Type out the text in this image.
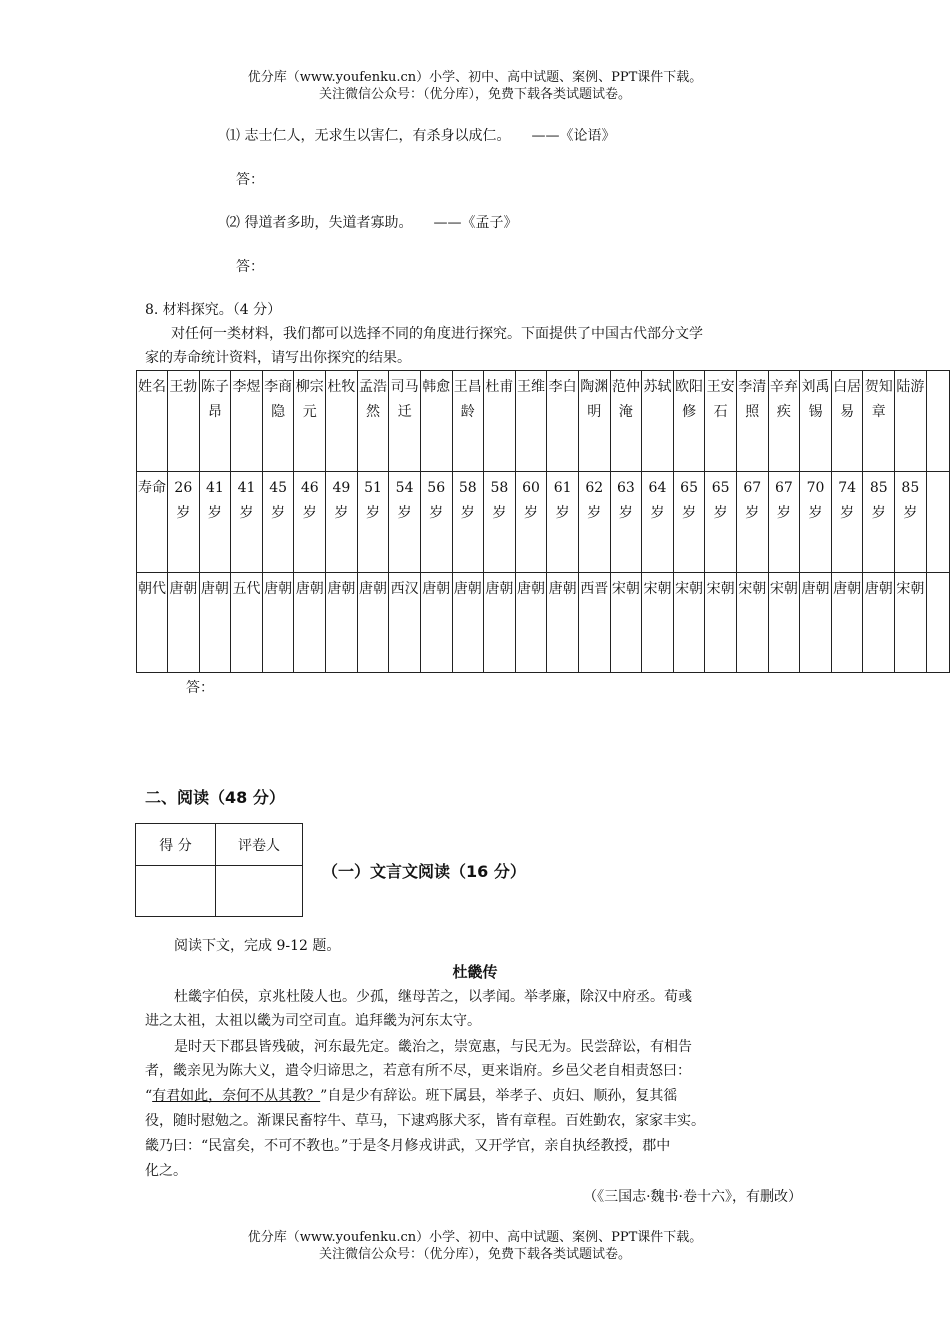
优分库（www.youfenku.cn）小学、初中、高中试题、案例、PPT课件下载。
关注微信公众号：（优分库），免费下载各类试题试卷。
⑴ 志士仁人，无求生以害仁，有杀身以成仁。　　——《论语》
答：
⑵ 得道者多助，失道者寡助。　　——《孟子》
答：
8. 材料探究。（4 分）
对任何一类材料，我们都可以选择不同的角度进行探究。下面提供了中国古代部分文学
家的寿命统计资料，请写出你探究的结果。
姓名	王勃	陈子昂	李煜	李商隐	柳宗元	杜牧	孟浩然	司马迁	韩愈	王昌龄	杜甫	王维	李白	陶渊明	范仲淹	苏轼	欧阳修	王安石	李清照	辛弃疾	刘禹锡	白居易	贺知章	陆游	
寿命	26岁	41岁	41岁	45岁	46岁	49岁	51岁	54岁	56岁	58岁	58岁	60岁	61岁	62岁	63岁	64岁	65岁	65岁	67岁	67岁	70岁	74岁	85岁	85岁	
朝代	唐朝	唐朝	五代	唐朝	唐朝	唐朝	唐朝	西汉	唐朝	唐朝	唐朝	唐朝	唐朝	西晋	宋朝	宋朝	宋朝	宋朝	宋朝	宋朝	唐朝	唐朝	唐朝	宋朝	
答：
二、阅读（48 分）
得 分	评卷人

（一）文言文阅读（16 分）
阅读下文，完成 9-12 题。
杜畿传
杜畿字伯侯，京兆杜陵人也。少孤，继母苦之，以孝闻。举孝廉，除汉中府丞。荀彧
进之太祖，太祖以畿为司空司直。追拜畿为河东太守。
是时天下郡县皆残破，河东最先定。畿治之，崇宽惠，与民无为。民尝辞讼，有相告
者，畿亲见为陈大义，遣令归谛思之，若意有所不尽，更来诣府。乡邑父老自相责怒曰：
“有君如此，奈何不从其教？”自是少有辞讼。班下属县，举孝子、贞妇、顺孙，复其徭
役，随时慰勉之。渐课民畜牸牛、草马，下逮鸡豚犬豕，皆有章程。百姓勤农，家家丰实。
畿乃曰：“民富矣，不可不教也。”于是冬月修戎讲武，又开学官，亲自执经教授，郡中
化之。
（《三国志·魏书·卷十六》，有删改）
优分库（www.youfenku.cn）小学、初中、高中试题、案例、PPT课件下载。
关注微信公众号：（优分库），免费下载各类试题试卷。
